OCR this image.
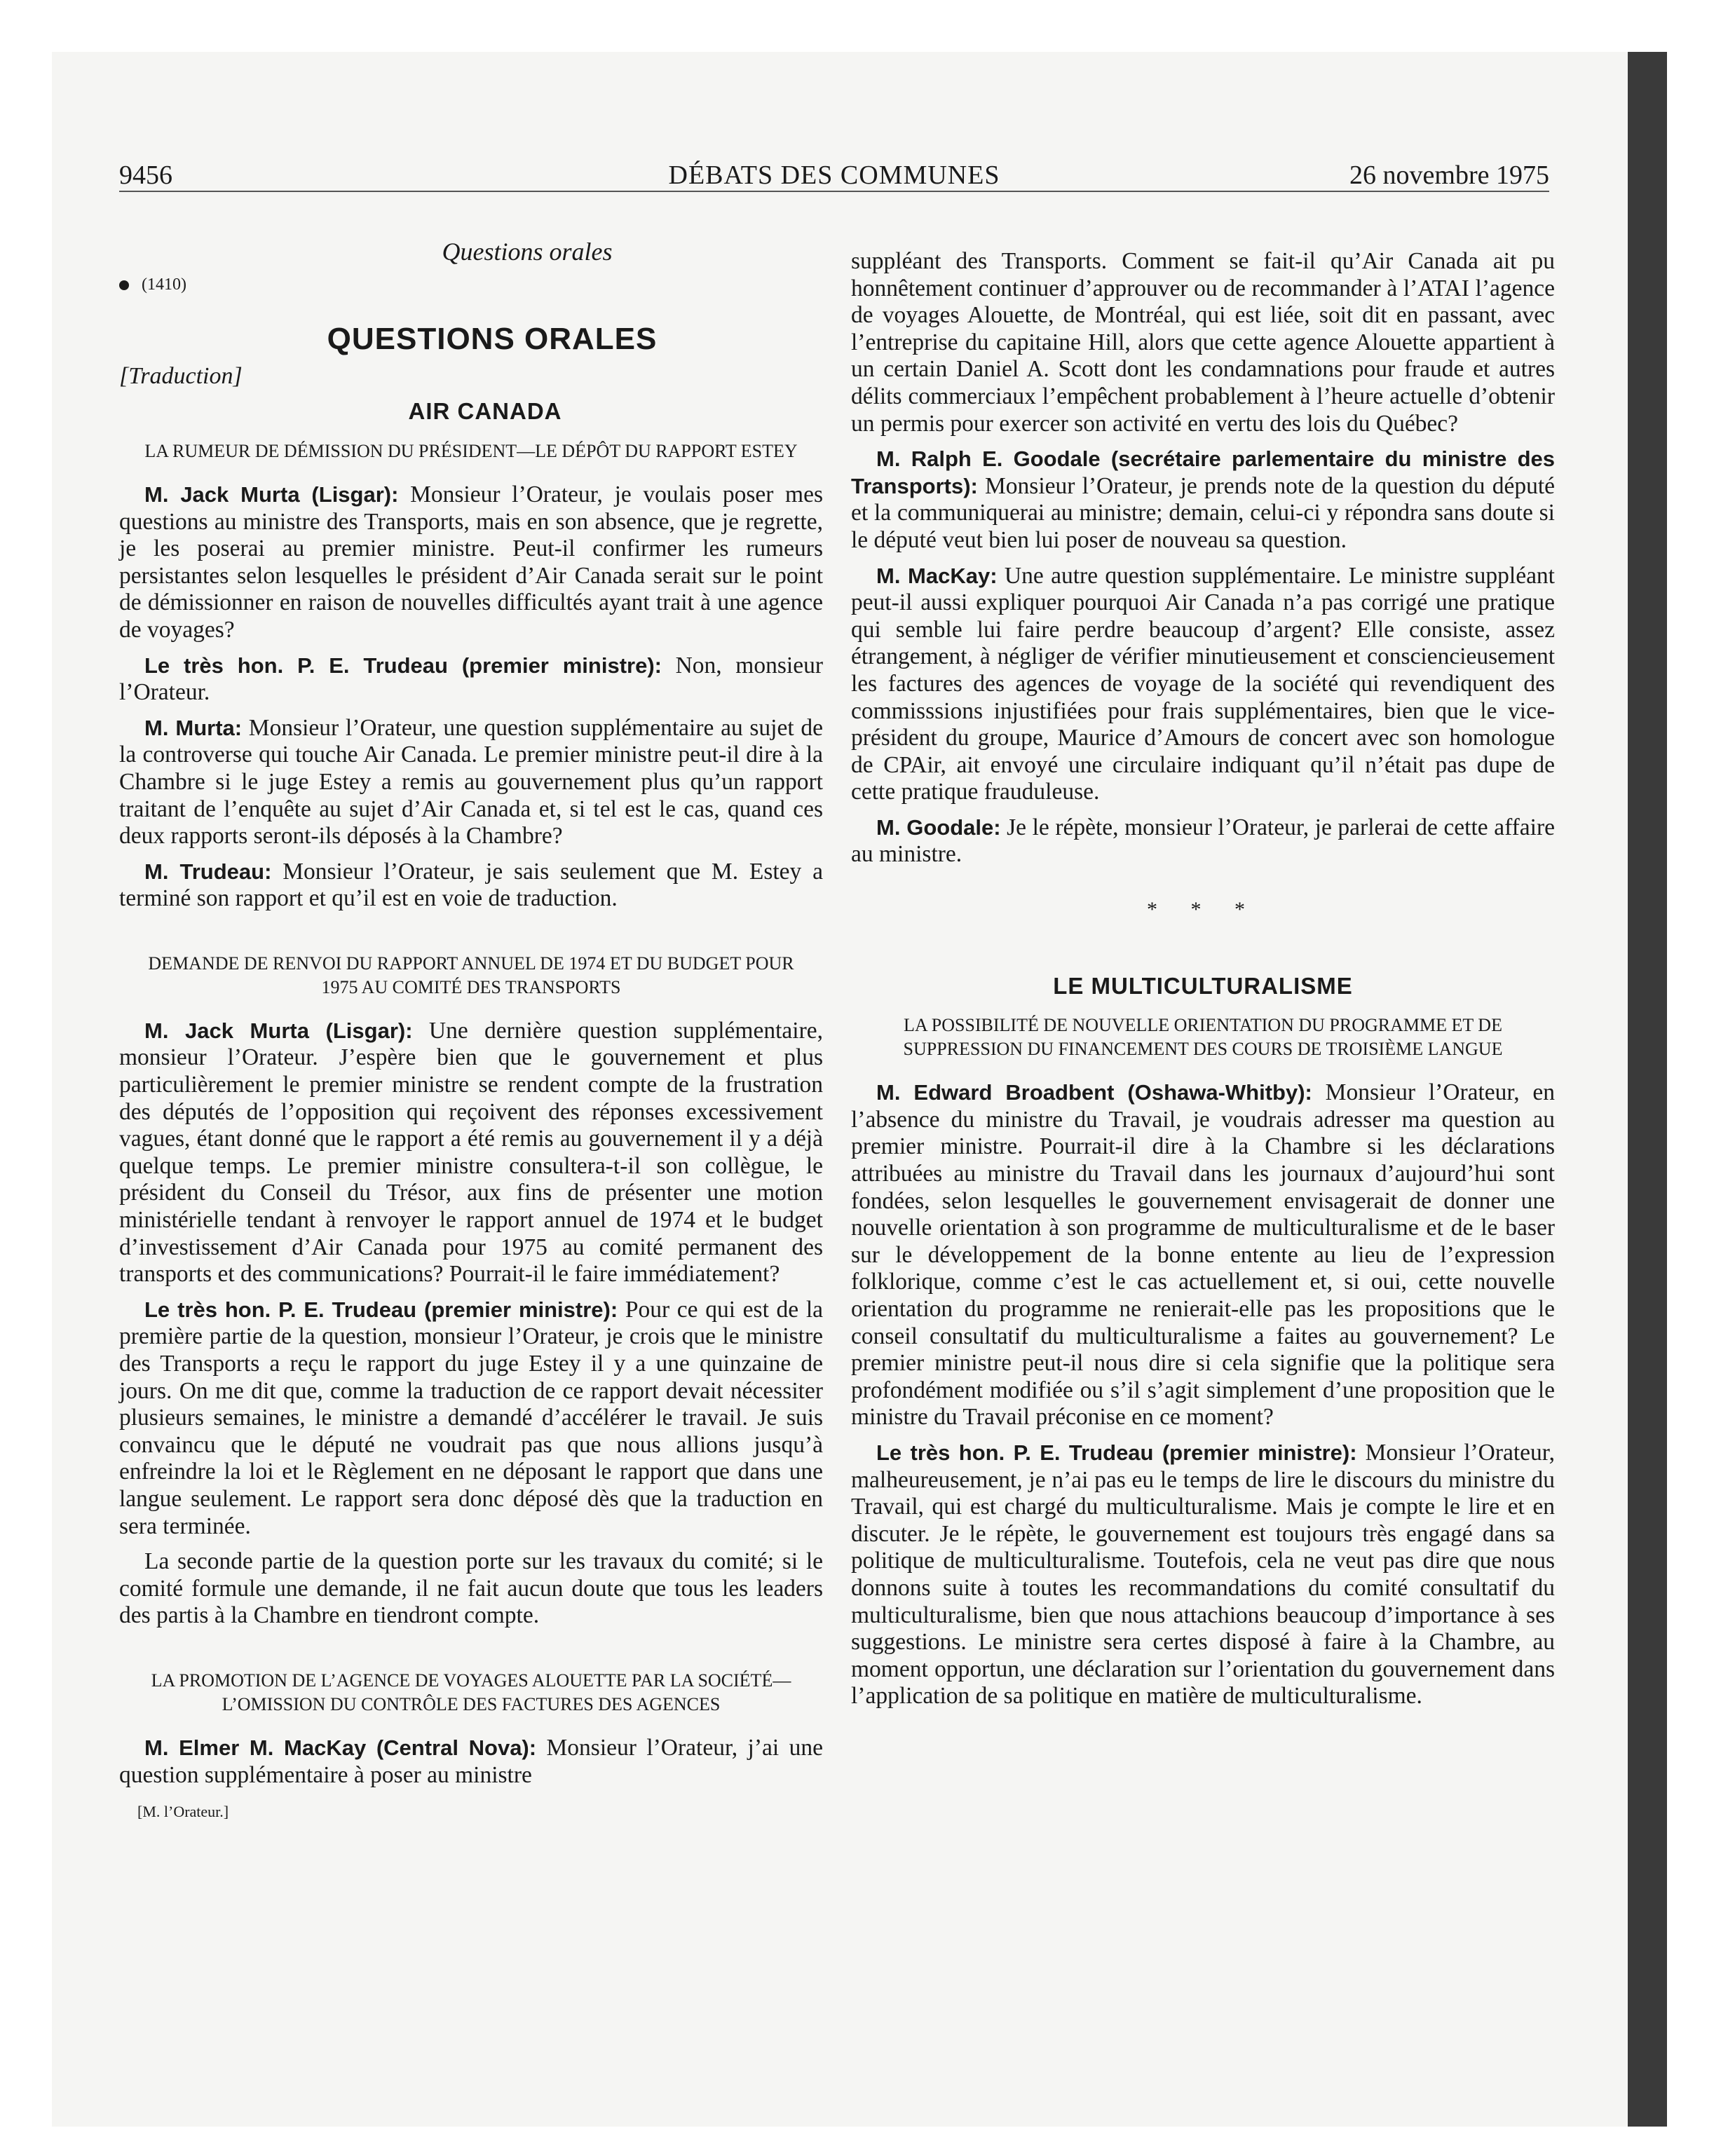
9456	DÉBATS DES COMMUNES	26 novembre 1975
Questions orales
(1410)
QUESTIONS ORALES
[Traduction]
AIR CANADA
LA RUMEUR DE DÉMISSION DU PRÉSIDENT—LE DÉPÔT DU RAPPORT ESTEY

M. Jack Murta (Lisgar): Monsieur l’Orateur, je voulais poser mes questions au ministre des Transports, mais en son absence, que je regrette, je les poserai au premier ministre. Peut-il confirmer les rumeurs persistantes selon lesquelles le président d’Air Canada serait sur le point de démissionner en raison de nouvelles difficultés ayant trait à une agence de voyages?

Le très hon. P. E. Trudeau (premier ministre): Non, monsieur l’Orateur.

M. Murta: Monsieur l’Orateur, une question supplémentaire au sujet de la controverse qui touche Air Canada. Le premier ministre peut-il dire à la Chambre si le juge Estey a remis au gouvernement plus qu’un rapport traitant de l’enquête au sujet d’Air Canada et, si tel est le cas, quand ces deux rapports seront-ils déposés à la Chambre?

M. Trudeau: Monsieur l’Orateur, je sais seulement que M. Estey a terminé son rapport et qu’il est en voie de traduction.

DEMANDE DE RENVOI DU RAPPORT ANNUEL DE 1974 ET DU BUDGET POUR 1975 AU COMITÉ DES TRANSPORTS

M. Jack Murta (Lisgar): Une dernière question supplémentaire, monsieur l’Orateur. J’espère bien que le gouvernement et plus particulièrement le premier ministre se rendent compte de la frustration des députés de l’opposition qui reçoivent des réponses excessivement vagues, étant donné que le rapport a été remis au gouvernement il y a déjà quelque temps. Le premier ministre consultera-t-il son collègue, le président du Conseil du Trésor, aux fins de présenter une motion ministérielle tendant à renvoyer le rapport annuel de 1974 et le budget d’investissement d’Air Canada pour 1975 au comité permanent des transports et des communications? Pourrait-il le faire immédiatement?

Le très hon. P. E. Trudeau (premier ministre): Pour ce qui est de la première partie de la question, monsieur l’Orateur, je crois que le ministre des Transports a reçu le rapport du juge Estey il y a une quinzaine de jours. On me dit que, comme la traduction de ce rapport devait nécessiter plusieurs semaines, le ministre a demandé d’accélérer le travail. Je suis convaincu que le député ne voudrait pas que nous allions jusqu’à enfreindre la loi et le Règlement en ne déposant le rapport que dans une langue seulement. Le rapport sera donc déposé dès que la traduction en sera terminée.

La seconde partie de la question porte sur les travaux du comité; si le comité formule une demande, il ne fait aucun doute que tous les leaders des partis à la Chambre en tiendront compte.

LA PROMOTION DE L’AGENCE DE VOYAGES ALOUETTE PAR LA SOCIÉTÉ—L’OMISSION DU CONTRÔLE DES FACTURES DES AGENCES

M. Elmer M. MacKay (Central Nova): Monsieur l’Orateur, j’ai une question supplémentaire à poser au ministre

[M. l’Orateur.]

suppléant des Transports. Comment se fait-il qu’Air Canada ait pu honnêtement continuer d’approuver ou de recommander à l’ATAI l’agence de voyages Alouette, de Montréal, qui est liée, soit dit en passant, avec l’entreprise du capitaine Hill, alors que cette agence Alouette appartient à un certain Daniel A. Scott dont les condamnations pour fraude et autres délits commerciaux l’empêchent probablement à l’heure actuelle d’obtenir un permis pour exercer son activité en vertu des lois du Québec?

M. Ralph E. Goodale (secrétaire parlementaire du ministre des Transports): Monsieur l’Orateur, je prends note de la question du député et la communiquerai au ministre; demain, celui-ci y répondra sans doute si le député veut bien lui poser de nouveau sa question.

M. MacKay: Une autre question supplémentaire. Le ministre suppléant peut-il aussi expliquer pourquoi Air Canada n’a pas corrigé une pratique qui semble lui faire perdre beaucoup d’argent? Elle consiste, assez étrangement, à négliger de vérifier minutieusement et consciencieusement les factures des agences de voyage de la société qui revendiquent des commisssions injustifiées pour frais supplémentaires, bien que le vice-président du groupe, Maurice d’Amours de concert avec son homologue de CPAir, ait envoyé une circulaire indiquant qu’il n’était pas dupe de cette pratique frauduleuse.

M. Goodale: Je le répète, monsieur l’Orateur, je parlerai de cette affaire au ministre.

* * *
LE MULTICULTURALISME
LA POSSIBILITÉ DE NOUVELLE ORIENTATION DU PROGRAMME ET DE SUPPRESSION DU FINANCEMENT DES COURS DE TROISIÈME LANGUE

M. Edward Broadbent (Oshawa-Whitby): Monsieur l’Orateur, en l’absence du ministre du Travail, je voudrais adresser ma question au premier ministre. Pourrait-il dire à la Chambre si les déclarations attribuées au ministre du Travail dans les journaux d’aujourd’hui sont fondées, selon lesquelles le gouvernement envisagerait de donner une nouvelle orientation à son programme de multiculturalisme et de le baser sur le développement de la bonne entente au lieu de l’expression folklorique, comme c’est le cas actuellement et, si oui, cette nouvelle orientation du programme ne renierait-elle pas les propositions que le conseil consultatif du multiculturalisme a faites au gouvernement? Le premier ministre peut-il nous dire si cela signifie que la politique sera profondément modifiée ou s’il s’agit simplement d’une proposition que le ministre du Travail préconise en ce moment?

Le très hon. P. E. Trudeau (premier ministre): Monsieur l’Orateur, malheureusement, je n’ai pas eu le temps de lire le discours du ministre du Travail, qui est chargé du multiculturalisme. Mais je compte le lire et en discuter. Je le répète, le gouvernement est toujours très engagé dans sa politique de multiculturalisme. Toutefois, cela ne veut pas dire que nous donnons suite à toutes les recommandations du comité consultatif du multiculturalisme, bien que nous attachions beaucoup d’importance à ses suggestions. Le ministre sera certes disposé à faire à la Chambre, au moment opportun, une déclaration sur l’orientation du gouvernement dans l’application de sa politique en matière de multiculturalisme.
